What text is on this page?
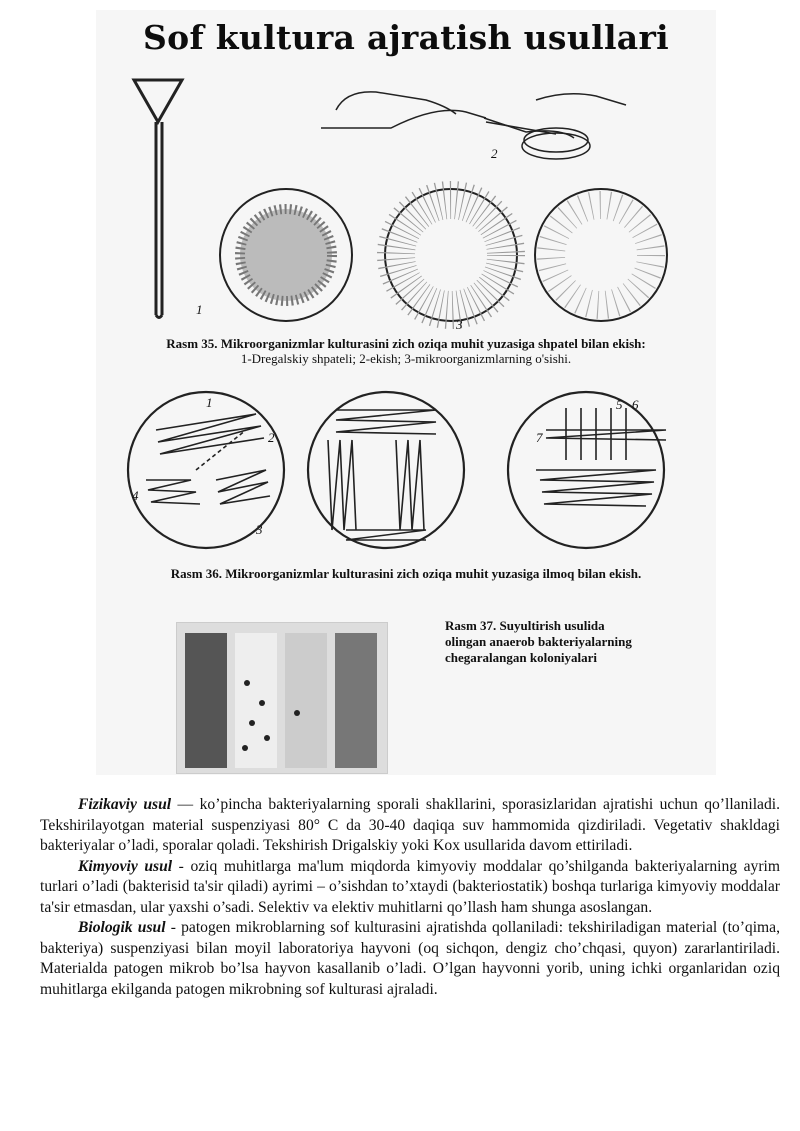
Sof kultura ajratish usullari
1
2
3
1
2
3
4
5 6
7
Rasm 35. Mikroorganizmlar kulturasini zich oziqa muhit yuzasiga shpatel bilan ekish:
1-Dregalskiy shpateli; 2-ekish; 3-mikroorganizmlarning o'sishi.
Rasm 36. Mikroorganizmlar kulturasini zich oziqa muhit yuzasiga ilmoq bilan ekish.
Rasm 37. Suyultirish usulida
olingan anaerob bakteriyalarning
chegaralangan koloniyalari

Fizikaviy usul — ko’pincha bakteriyalarning sporali shakllarini, sporasizlaridan ajratishi uchun qo’llaniladi. Tekshirilayotgan material suspenziyasi 80° C da 30-40 daqiqa suv hammomida qizdiriladi. Vegetativ shakldagi bakteriyalar o’ladi, sporalar qoladi. Tekshirish Drigalskiy yoki Kox usullarida davom ettiriladi.

Kimyoviy usul - oziq muhitlarga ma'lum miqdorda kimyoviy moddalar qo’shilganda bakteriyalarning ayrim turlari o’ladi (bakterisid ta'sir qiladi) ayrimi – o’sishdan to’xtaydi (bakteriostatik) boshqa turlariga kimyoviy moddalar ta'sir etmasdan, ular yaxshi o’sadi. Selektiv va elektiv muhitlarni qo’llash ham shunga asoslangan.

Biologik usul - patogen mikroblarning sof kulturasini ajratishda qollaniladi: tekshiriladigan material (to’qima, bakteriya) suspenziyasi bilan moyil laboratoriya hayvoni (oq sichqon, dengiz cho’chqasi, quyon) zararlantiriladi. Materialda patogen mikrob bo’lsa hayvon kasallanib o’ladi. O’lgan hayvonni yorib, uning ichki organlaridan oziq muhitlarga ekilganda patogen mikrobning sof kulturasi ajraladi.
